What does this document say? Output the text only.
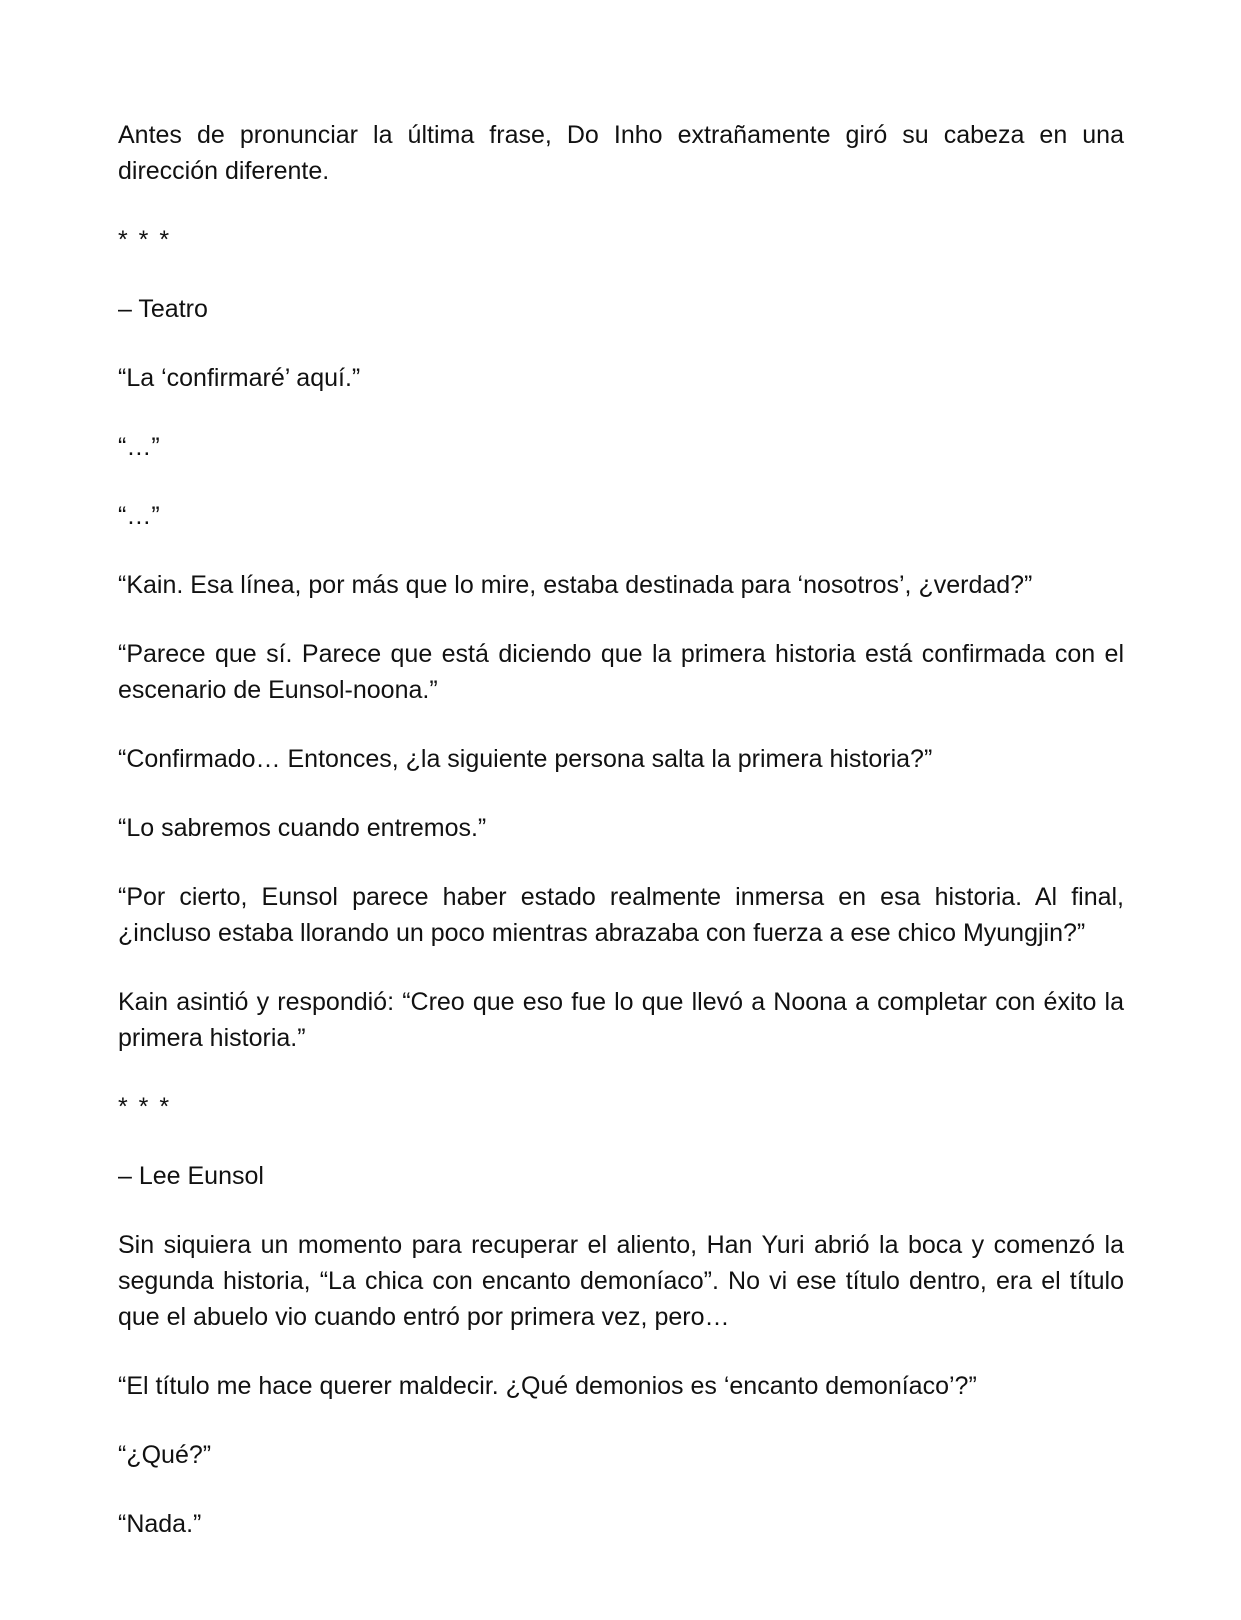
Antes de pronunciar la última frase, Do Inho extrañamente giró su cabeza en una dirección diferente.

* * *

– Teatro

“La ‘confirmaré’ aquí.”

“…”

“…”

“Kain. Esa línea, por más que lo mire, estaba destinada para ‘nosotros’, ¿verdad?”

“Parece que sí. Parece que está diciendo que la primera historia está confirmada con el escenario de Eunsol-noona.”

“Confirmado… Entonces, ¿la siguiente persona salta la primera historia?”

“Lo sabremos cuando entremos.”

“Por cierto, Eunsol parece haber estado realmente inmersa en esa historia. Al final, ¿incluso estaba llorando un poco mientras abrazaba con fuerza a ese chico Myungjin?”

Kain asintió y respondió: “Creo que eso fue lo que llevó a Noona a completar con éxito la primera historia.”

* * *

– Lee Eunsol

Sin siquiera un momento para recuperar el aliento, Han Yuri abrió la boca y comenzó la segunda historia, “La chica con encanto demoníaco”. No vi ese título dentro, era el título que el abuelo vio cuando entró por primera vez, pero…

“El título me hace querer maldecir. ¿Qué demonios es ‘encanto demoníaco’?”

“¿Qué?”

“Nada.”
